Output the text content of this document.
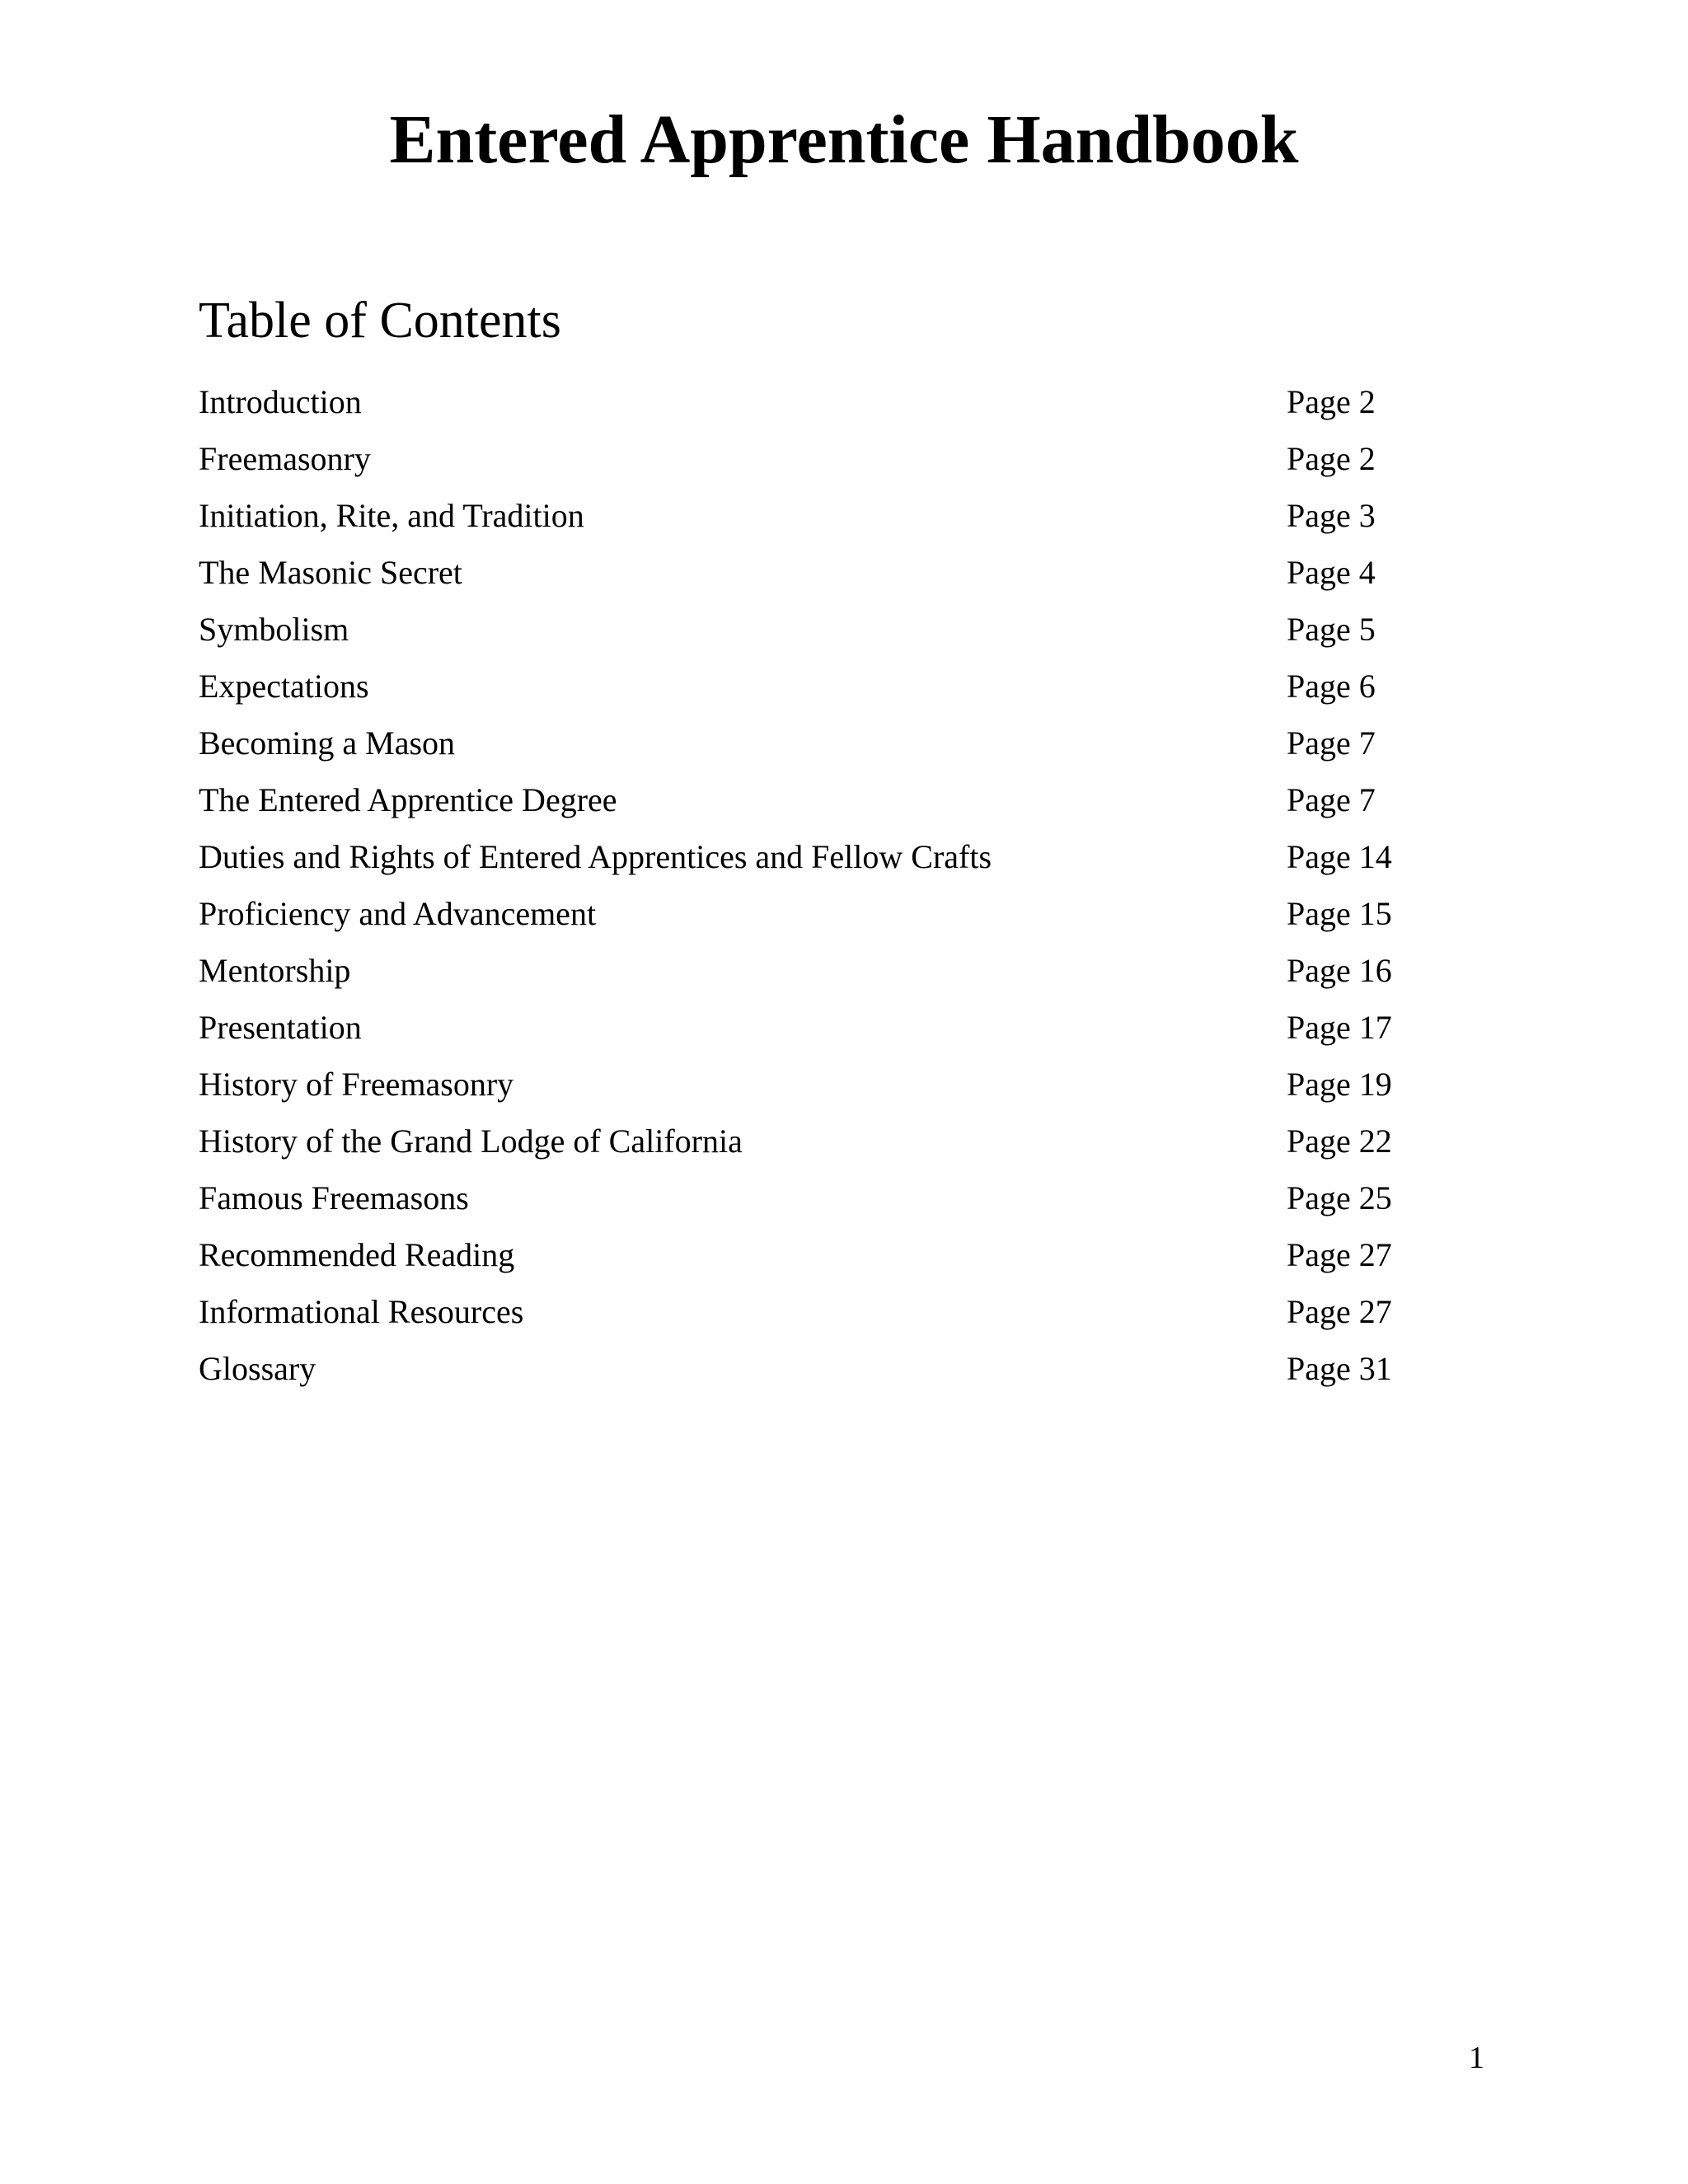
Entered Apprentice Handbook
Table of Contents
Introduction	Page 2
Freemasonry	Page 2
Initiation, Rite, and Tradition	Page 3
The Masonic Secret	Page 4
Symbolism	Page 5
Expectations	Page 6
Becoming a Mason	Page 7
The Entered Apprentice Degree	Page 7
Duties and Rights of Entered Apprentices and Fellow Crafts	Page 14
Proficiency and Advancement	Page 15
Mentorship	Page 16
Presentation	Page 17
History of Freemasonry	Page 19
History of the Grand Lodge of California	Page 22
Famous Freemasons	Page 25
Recommended Reading	Page 27
Informational Resources	Page 27
Glossary	Page 31
1
